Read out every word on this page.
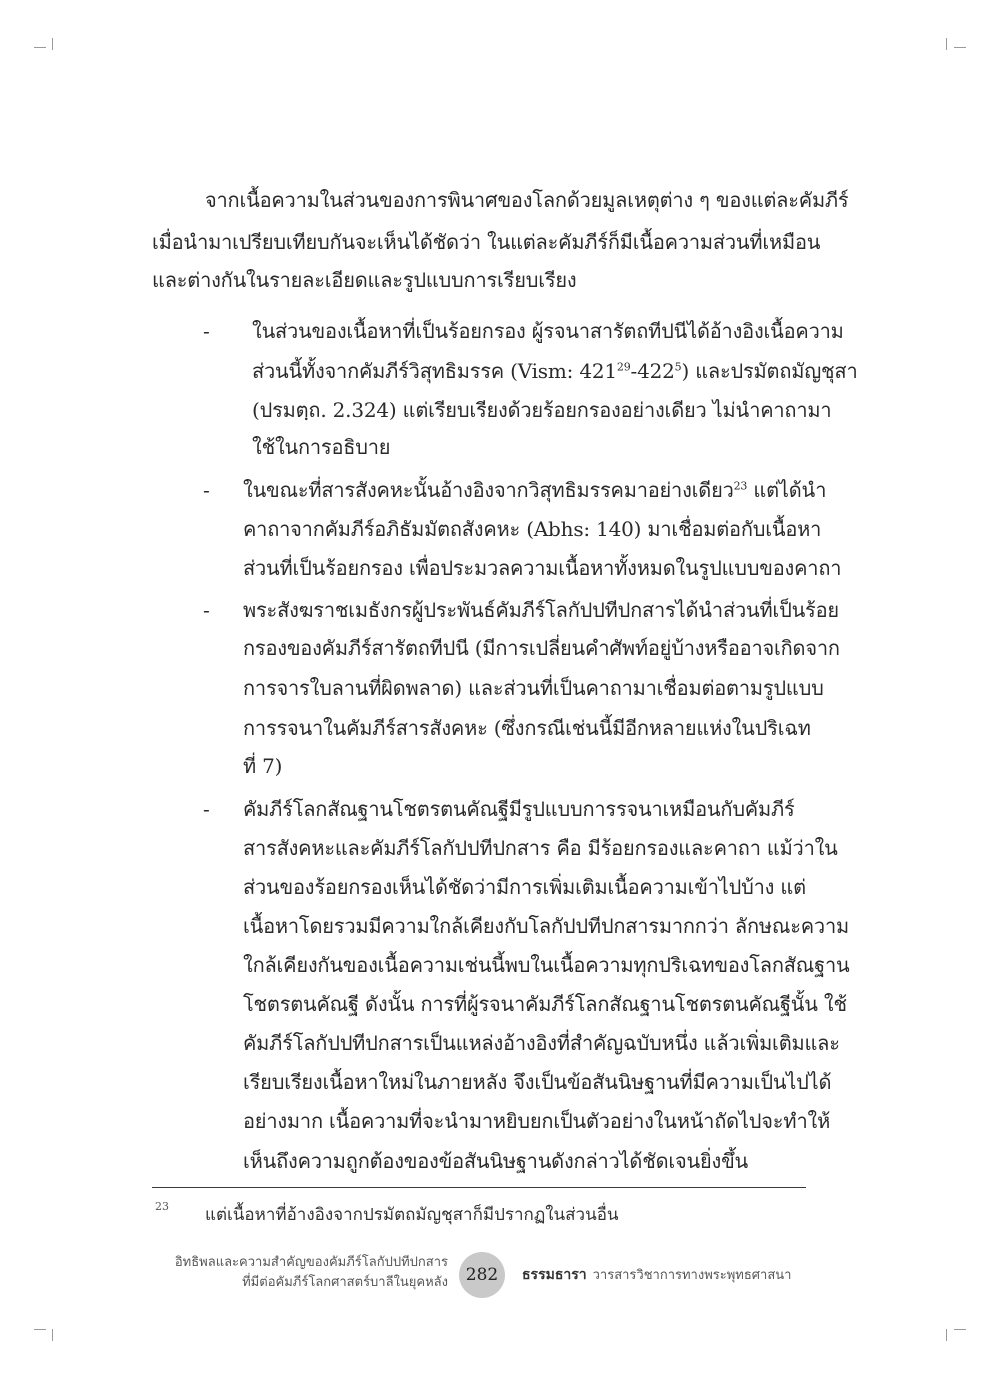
จากเนื้อความในส่วนของการพินาศของโลกด้วยมูลเหตุต่าง ๆ ของแต่ละคัมภีร์
เมื่อนำมาเปรียบเทียบกันจะเห็นได้ชัดว่า ในแต่ละคัมภีร์ก็มีเนื้อความส่วนที่เหมือน
และต่างกันในรายละเอียดและรูปแบบการเรียบเรียง
- ในส่วนของเนื้อหาที่เป็นร้อยกรอง ผู้รจนาสารัตถทีปนีได้อ้างอิงเนื้อความ
ส่วนนี้ทั้งจากคัมภีร์วิสุทธิมรรค (Vism: $421^{29}-422^5$) และปรมัตถมัญชุสา
(ปรมตฺถ. 2.324) แต่เรียบเรียงด้วยร้อยกรองอย่างเดียว ไม่นำคาถามา
ใช้ในการอธิบาย
- ในขณะที่สารสังคหะนั้นอ้างอิงจากวิสุทธิมรรคมาอย่างเดียว$^{23}$ แต่ได้นำ
คาถาจากคัมภีร์อภิธัมมัตถสังคหะ (Abhs: 140) มาเชื่อมต่อกับเนื้อหา
ส่วนที่เป็นร้อยกรอง เพื่อประมวลความเนื้อหาทั้งหมดในรูปแบบของคาถา
- พระสังฆราชเมธังกรผู้ประพันธ์คัมภีร์โลกัปปทีปกสารได้นำส่วนที่เป็นร้อย
กรองของคัมภีร์สารัตถทีปนี (มีการเปลี่ยนคำศัพท์อยู่บ้างหรืออาจเกิดจาก
การจารใบลานที่ผิดพลาด) และส่วนที่เป็นคาถามาเชื่อมต่อตามรูปแบบ
การรจนาในคัมภีร์สารสังคหะ (ซึ่งกรณีเช่นนี้มีอีกหลายแห่งในปริเฉท
ที่ 7)
- คัมภีร์โลกสัณฐานโชตรตนคัณฐีมีรูปแบบการรจนาเหมือนกับคัมภีร์
สารสังคหะและคัมภีร์โลกัปปทีปกสาร คือ มีร้อยกรองและคาถา แม้ว่าใน
ส่วนของร้อยกรองเห็นได้ชัดว่ามีการเพิ่มเติมเนื้อความเข้าไปบ้าง แต่
เนื้อหาโดยรวมมีความใกล้เคียงกับโลกัปปทีปกสารมากกว่า ลักษณะความ
ใกล้เคียงกันของเนื้อความเช่นนี้พบในเนื้อความทุกปริเฉทของโลกสัณฐาน
โชตรตนคัณฐี ดังนั้น การที่ผู้รจนาคัมภีร์โลกสัณฐานโชตรตนคัณฐีนั้น ใช้
คัมภีร์โลกัปปทีปกสารเป็นแหล่งอ้างอิงที่สำคัญฉบับหนึ่ง แล้วเพิ่มเติมและ
เรียบเรียงเนื้อหาใหม่ในภายหลัง จึงเป็นข้อสันนิษฐานที่มีความเป็นไปได้
อย่างมาก เนื้อความที่จะนำมาหยิบยกเป็นตัวอย่างในหน้าถัดไปจะทำให้
เห็นถึงความถูกต้องของข้อสันนิษฐานดังกล่าวได้ชัดเจนยิ่งขึ้น
23 แต่เนื้อหาที่อ้างอิงจากปรมัตถมัญชุสาก็มีปรากฏในส่วนอื่น
อิทธิพลและความสำคัญของคัมภีร์โลกัปปทีปกสาร
ที่มีต่อคัมภีร์โลกศาสตร์บาลีในยุคหลัง 282 ธรรมธารา วารสารวิชาการทางพระพุทธศาสนา
